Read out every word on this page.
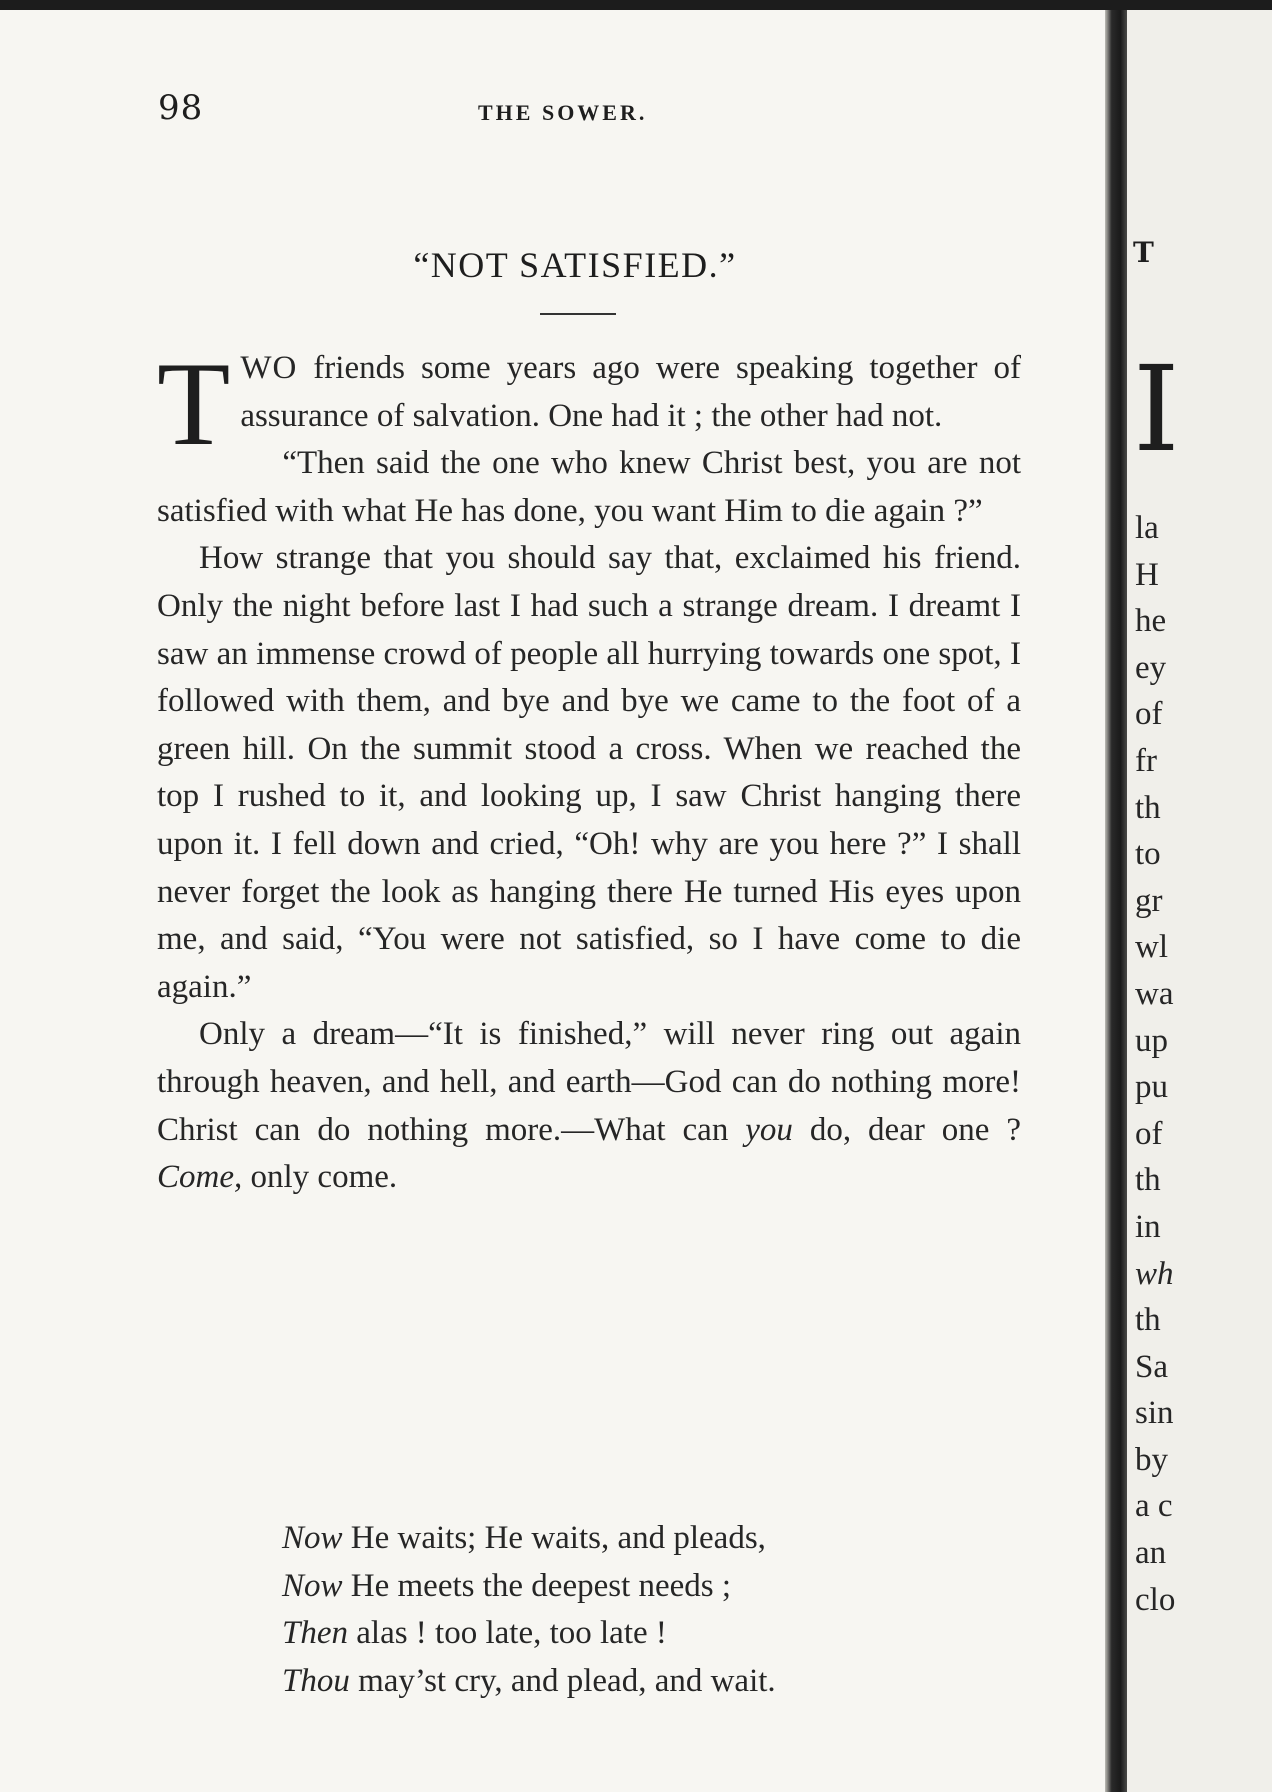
T
I
la
H
he
ey
of
fr
th
to
gr
wl
wa
up
pu
of
th
in
wh
th
Sa
sin
by
a c
an
clo
98	THE SOWER.
“NOT SATISFIED.”

TWO friends some years ago were speaking together of assurance of salvation. One had it ; the other had not.

“Then said the one who knew Christ best, you are not satisfied with what He has done, you want Him to die again ?”

How strange that you should say that, exclaimed his friend. Only the night before last I had such a strange dream. I dreamt I saw an immense crowd of people all hurrying towards one spot, I followed with them, and bye and bye we came to the foot of a green hill. On the summit stood a cross. When we reached the top I rushed to it, and looking up, I saw Christ hanging there upon it. I fell down and cried, “Oh! why are you here ?” I shall never forget the look as hanging there He turned His eyes upon me, and said, “You were not satisfied, so I have come to die again.”

Only a dream—“It is finished,” will never ring out again through heaven, and hell, and earth—God can do nothing more! Christ can do nothing more.—What can you do, dear one ? Come, only come.

Now He waits; He waits, and pleads,
Now He meets the deepest needs ;
Then alas ! too late, too late !
Thou may’st cry, and plead, and wait.
